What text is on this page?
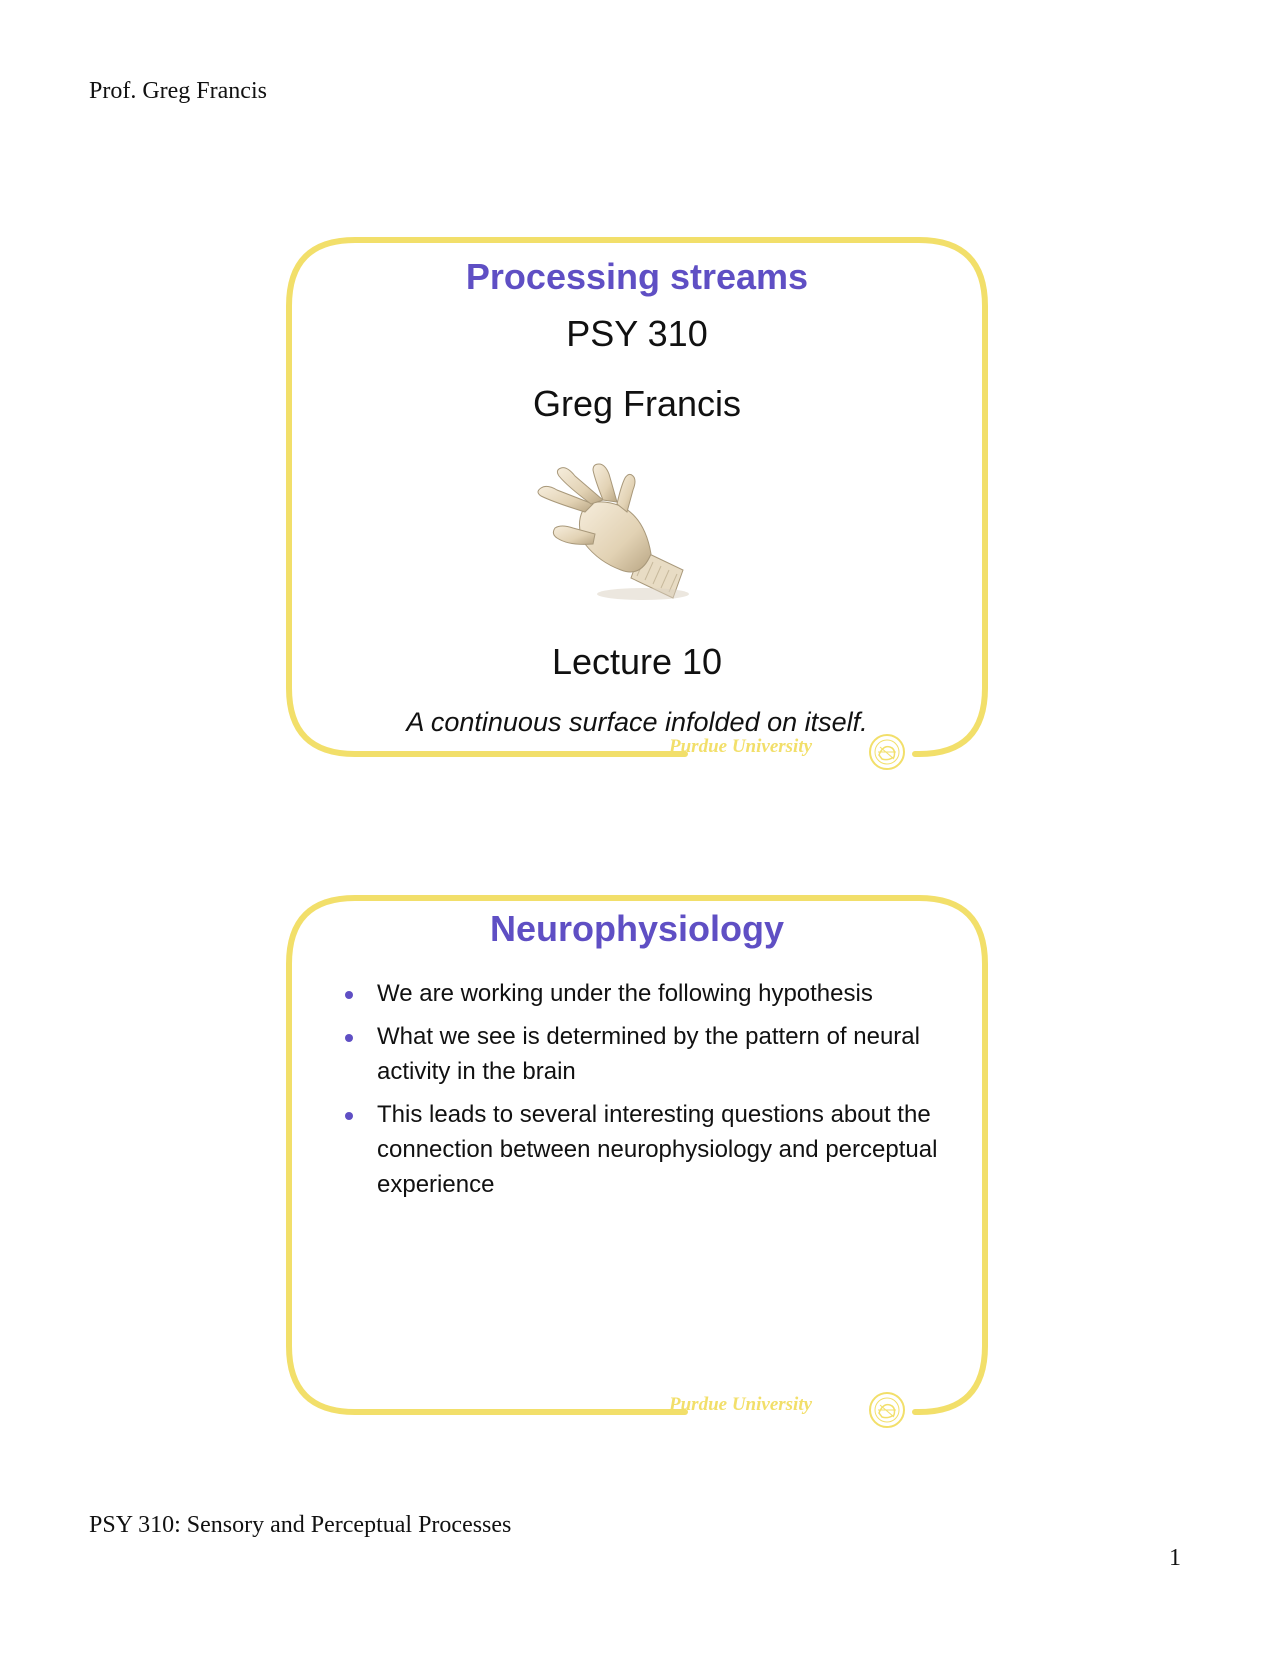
Prof. Greg Francis
Processing streams
PSY 310
Greg Francis
Lecture 10
A continuous surface infolded on itself.
Purdue University
Neurophysiology
We are working under the following hypothesis
What we see is determined by the pattern of neural activity in the brain
This leads to several interesting questions about the connection between neurophysiology and perceptual experience
Purdue University
PSY 310: Sensory and Perceptual Processes
1
